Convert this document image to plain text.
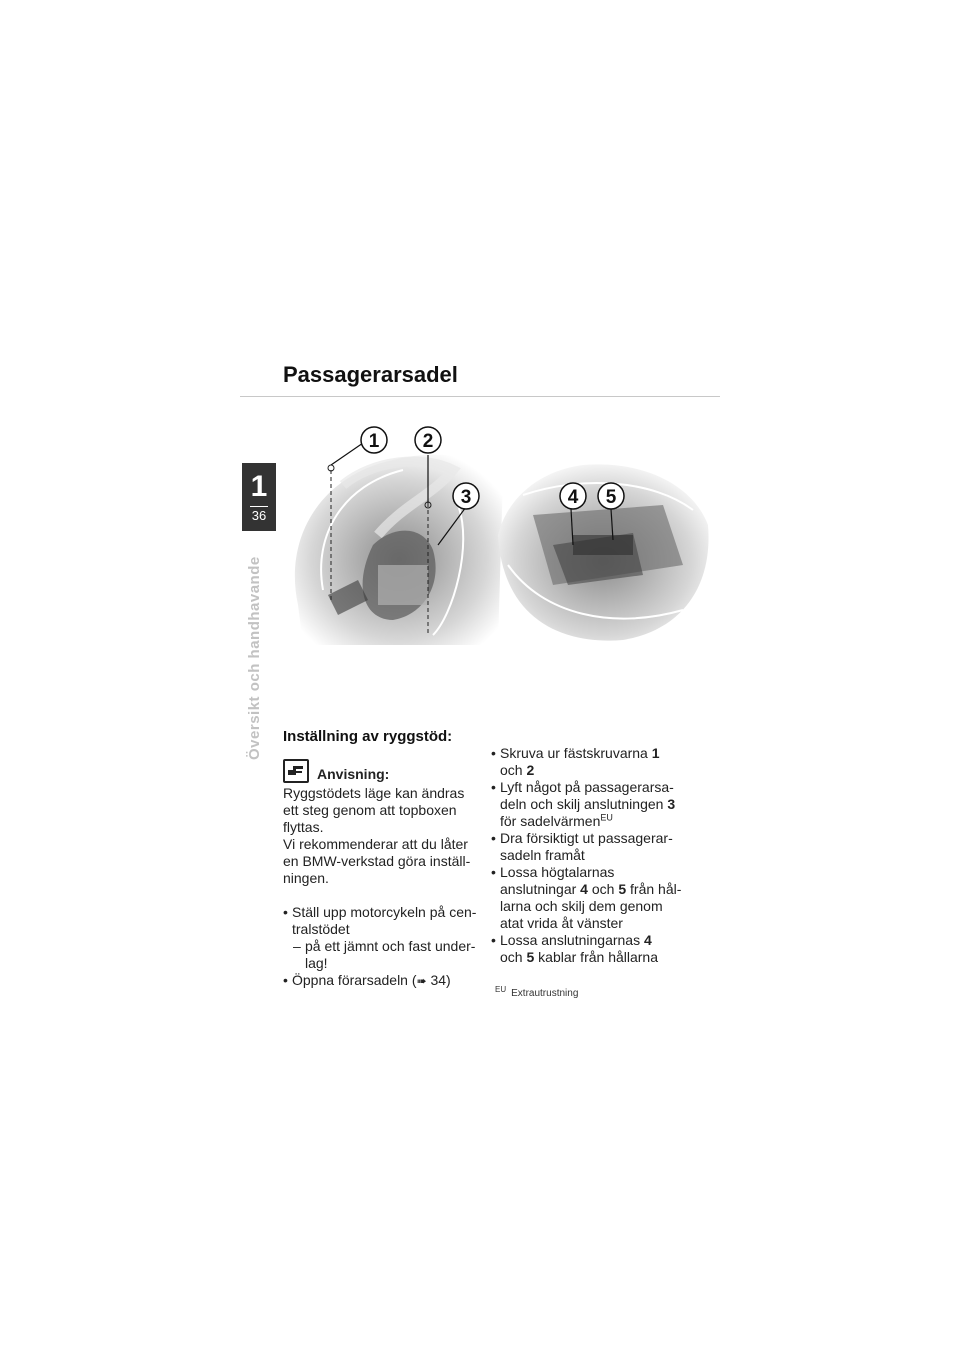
Passagerarsadel
1
36
Översikt och handhavande
1 2
3	4 5
Inställning av ryggstöd:
Anvisning:

Ryggstödets läge kan ändras

ett steg genom att topboxen

flyttas.

Vi rekommenderar att du låter

en BMW-verkstad göra inställ-

ningen.

• Ställ upp motorcykeln på cen-
tralstödet
– på ett jämnt och fast under-
lag!
• Öppna förarsadeln (➠ 34)
• Skruva ur fästskruvarna 1
och 2
• Lyft något på passagerarsa-
deln och skilj anslutningen 3
för sadelvärmen$^{EU}$
• Dra försiktigt ut passagerar-
sadeln framåt
• Lossa högtalarnas
anslutningar 4 och 5 från hål-
larna och skilj dem genom
atat vrida åt vänster
• Lossa anslutningarnas 4
och 5 kablar från hållarna
$^{EU}$ Extrautrustning
